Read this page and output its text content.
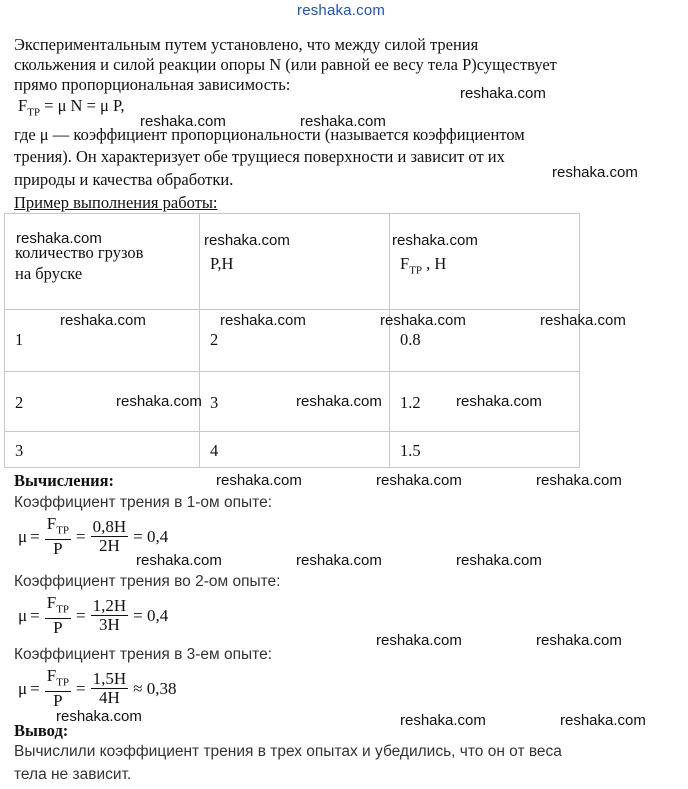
reshaka.com
Экспериментальным путем установлено, что между силой трения
скольжения и силой реакции опоры N (или равной ее весу тела P)существует
прямо пропорциональная зависимость:
$F_{ТР} = \mu$ N = μ P,
где μ — коэффициент пропорциональности (называется коэффициентом
трения). Он характеризует обе трущиеся поверхности и зависит от их
природы и качества обработки.
Пример выполнения работы:
количество грузов
на бруске	P,Н	$F_{ТР}$ , Н

1	2	0.8

2	3	1.2

3	4	1.5
Вычисления:
Коэффициент трения в 1-ом опыте:
$\mu = \frac{F_{ТР}}{P} = \frac{0,8Н}{2Н} = 0,4$
Коэффициент трения во 2-ом опыте:
$\mu = \frac{F_{ТР}}{P} = \frac{1,2Н}{3Н} = 0,4$
Коэффициент трения в 3-ем опыте:
$\mu = \frac{F_{ТР}}{P} = \frac{1,5Н}{4Н} \approx 0,38$
Вывод:
Вычислили коэффициент трения в трех опытах и убедились, что он от веса
тела не зависит.
reshaka.com
reshaka.com	reshaka.com
reshaka.com
reshaka.com	reshaka.com	reshaka.com
reshaka.com	reshaka.com	reshaka.com	reshaka.com
reshaka.com	reshaka.com	reshaka.com
reshaka.com	reshaka.com	reshaka.com
reshaka.com	reshaka.com	reshaka.com
reshaka.com	reshaka.com
reshaka.com	reshaka.com	reshaka.com
